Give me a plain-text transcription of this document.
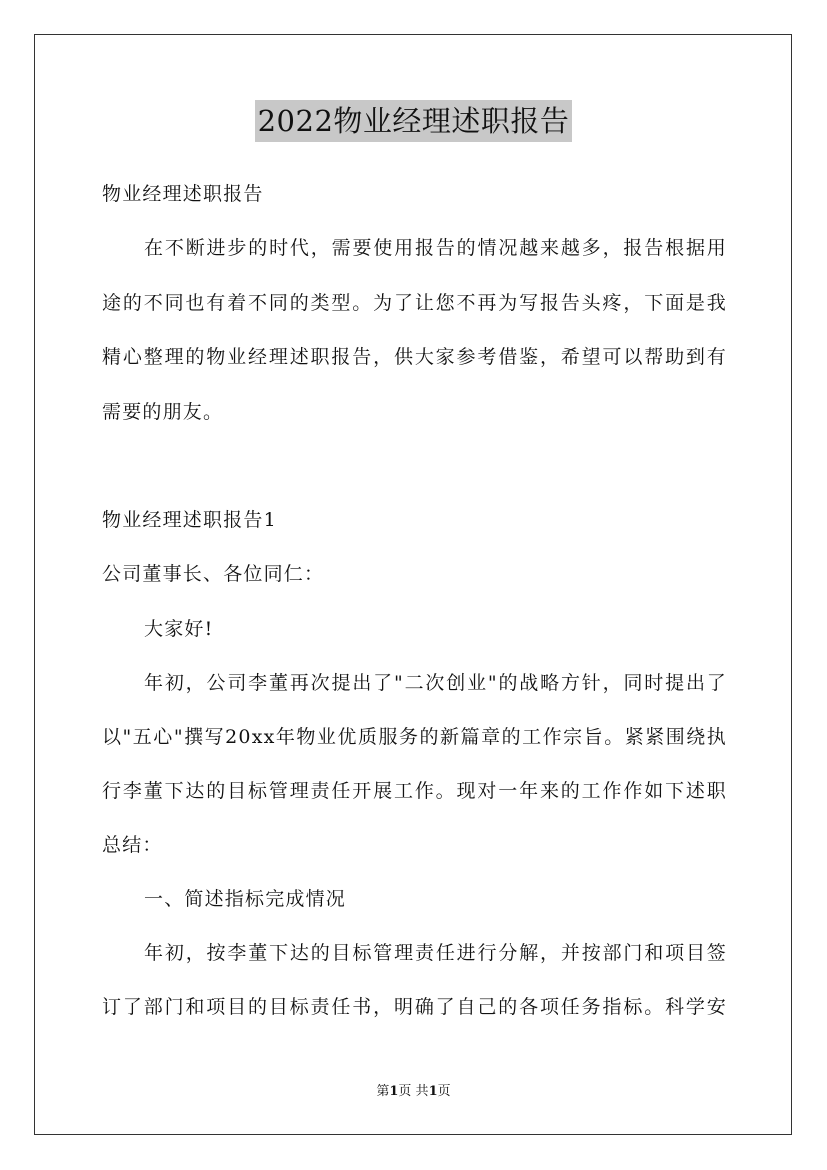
2022物业经理述职报告
物业经理述职报告
在不断进步的时代，需要使用报告的情况越来越多，报告根据用
途的不同也有着不同的类型。为了让您不再为写报告头疼，下面是我
精心整理的物业经理述职报告，供大家参考借鉴，希望可以帮助到有
需要的朋友。
物业经理述职报告1
公司董事长、各位同仁：
大家好!
年初，公司李董再次提出了"二次创业"的战略方针，同时提出了
以"五心"撰写20xx年物业优质服务的新篇章的工作宗旨。紧紧围绕执
行李董下达的目标管理责任开展工作。现对一年来的工作作如下述职
总结：
一、简述指标完成情况
年初，按李董下达的目标管理责任进行分解，并按部门和项目签
订了部门和项目的目标责任书，明确了自己的各项任务指标。科学安
第1页 共1页
